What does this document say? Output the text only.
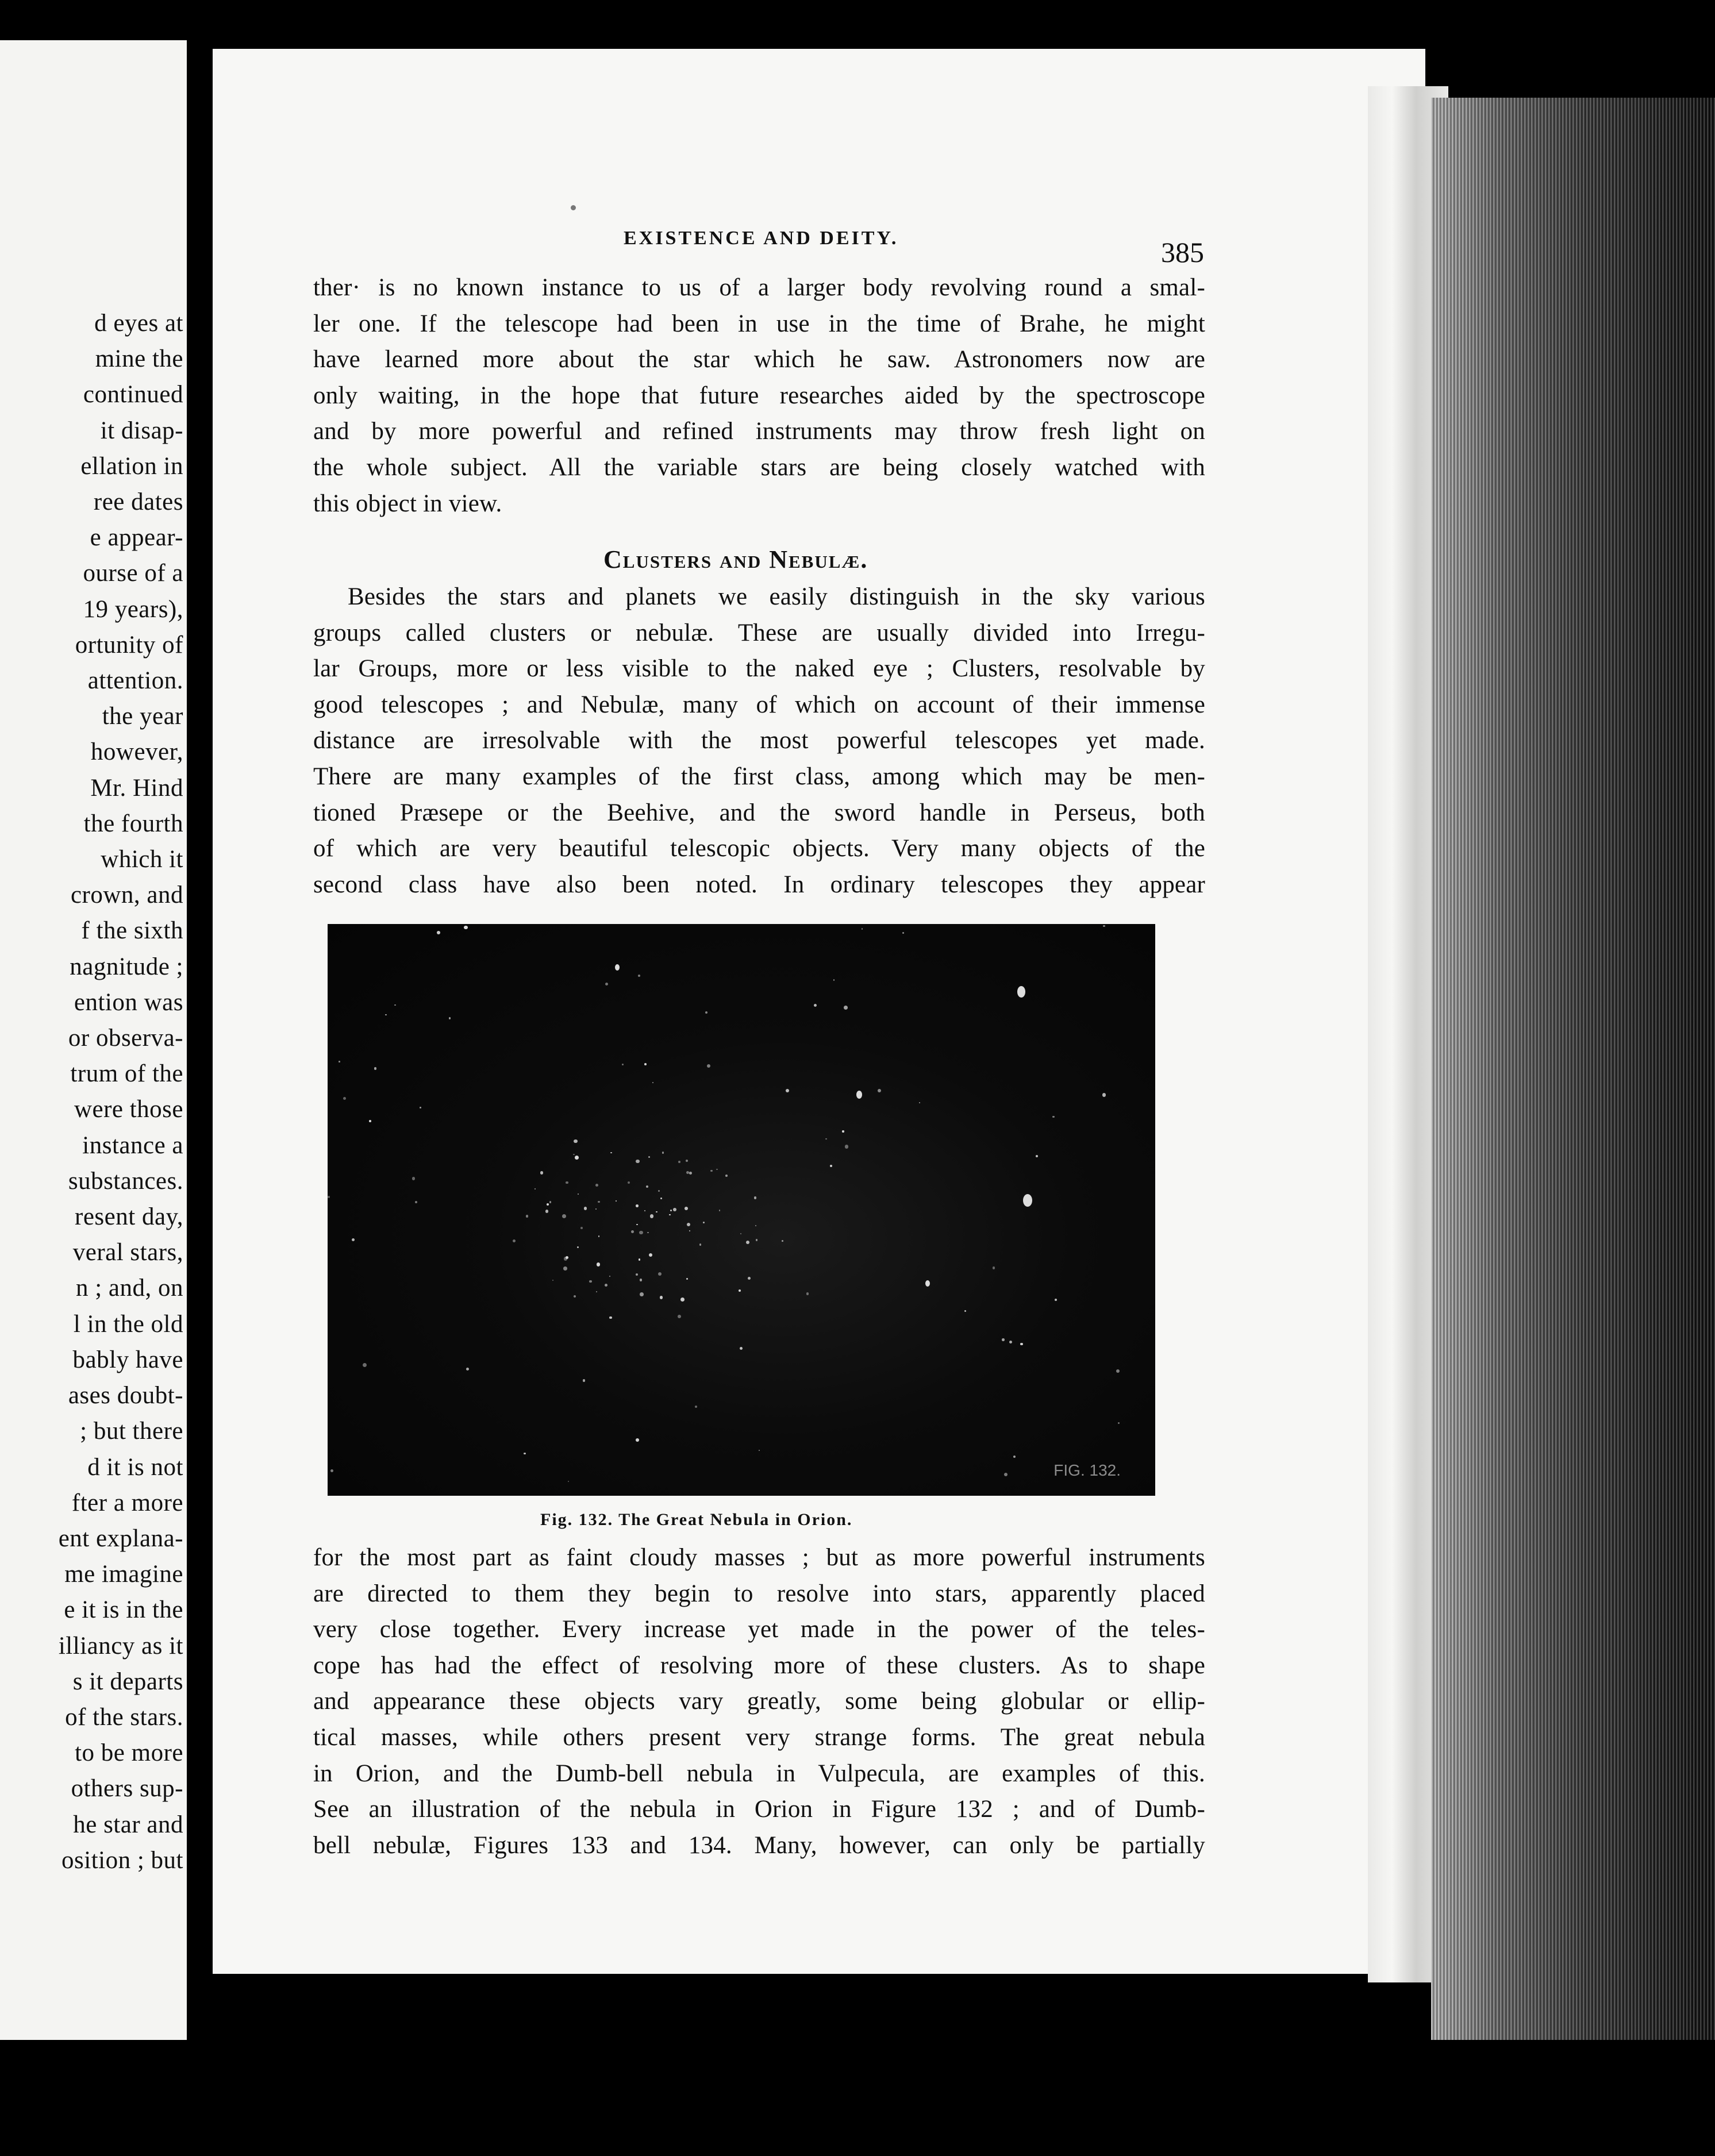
d eyes at
mine the
continued
it disap-
ellation in
ree dates
e appear-
ourse of a
19 years),
ortunity of
attention.
the year
however,
Mr. Hind
the fourth
which it
crown, and
f the sixth
nagnitude ;
ention was
or observa-
trum of the
were those
instance a
substances.
resent day,
veral stars,
n ; and, on
l in the old
bably have
ases doubt-
; but there
d it is not
fter a more
ent explana-
me imagine
e it is in the
illiancy as it
s it departs
of the stars.
to be more
others sup-
he star and
osition ; but
EXISTENCE AND DEITY.	385
ther· is no known instance to us of a larger body revolving round a smal-
ler one. If the telescope had been in use in the time of Brahe, he might
have learned more about the star which he saw. Astronomers now are
only waiting, in the hope that future researches aided by the spectroscope
and by more powerful and refined instruments may throw fresh light on
the whole subject. All the variable stars are being closely watched with
this object in view.
Clusters and Nebulæ.
Besides the stars and planets we easily distinguish in the sky various
groups called clusters or nebulæ. These are usually divided into Irregu-
lar Groups, more or less visible to the naked eye ; Clusters, resolvable by
good telescopes ; and Nebulæ, many of which on account of their immense
distance are irresolvable with the most powerful telescopes yet made.
There are many examples of the first class, among which may be men-
tioned Præsepe or the Beehive, and the sword handle in Perseus, both
of which are very beautiful telescopic objects. Very many objects of the
second class have also been noted. In ordinary telescopes they appear
FIG. 132.
Fig. 132. The Great Nebula in Orion.
for the most part as faint cloudy masses ; but as more powerful instruments
are directed to them they begin to resolve into stars, apparently placed
very close together. Every increase yet made in the power of the teles-
cope has had the effect of resolving more of these clusters. As to shape
and appearance these objects vary greatly, some being globular or ellip-
tical masses, while others present very strange forms. The great nebula
in Orion, and the Dumb-bell nebula in Vulpecula, are examples of this.
See an illustration of the nebula in Orion in Figure 132 ; and of Dumb-
bell nebulæ, Figures 133 and 134. Many, however, can only be partially
